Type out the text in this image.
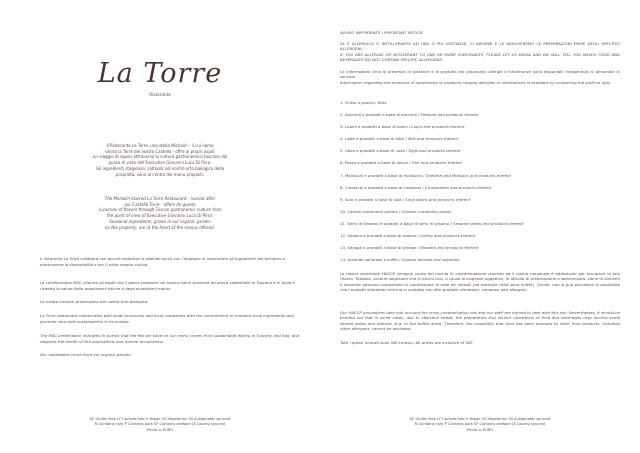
La Torre
Ristorante
Il Ristorante La Torre, una stella Michelin - il cui nome
onora la Torre del nostro Castello - offre ai propri ospiti
un viaggio di sapori attraverso la cultura gastronomica toscana dal
punto di vista dell'Executive Giovanni Luca Di Pirro.
Gli ingredienti stagionali, coltivati nel nostro orto biologico della
proprietà, sono al centro dei menu proposti.
The Michelin-starred La Torre Restaurant - named after
our Castello Torre - offers its guests
a journey of flavors through Tuscan gastronomic culture from
the point of view of Executive Giovanni Luca Di Pirro.
Seasonal ingredients, grown in our organic garden
on the property, are at the heart of the menus offered.

Il ristorante La Torre collabora con piccoli produttori e aziende locali con l'impegno di valorizzare gli ingredienti del territorio e promuovere la sostenibilità a km 0 nella propria cucina.

La certificazione MSC informa gli ospiti che il pesce presente nel nostro menù proviene da pesca sostenibile in Toscana e in Italia e rispetta la salute delle popolazioni ittiche e degli ecosistemi marini.

Le nostre verdure provengono dal nostro orto biologico.

La Torre restaurant collaborates with small producers and local companies with the commitment to enhance local ingredients and promote zero-mile sustainability in its cuisine.

The MSC certification indicates to guests that the fish we have on our menu comes from sustainable fishing in Tuscany and Italy and respects the health of fish populations and marine ecosystems.

Our vegetables come from our organic garden.

GF Gluten-free LF Lactose-free V Vegan VG Vegetarian SS Sustainably sourced
N Contains nuts P Contains pork SF Contains seafood LS Locally-sourced
Prices in EURO
AVVISO IMPORTANTE / IMPORTANT NOTICE

SE È ALLERGICO O INTOLLERANTE AD UNA O PIÙ SOSTANZE, CI INFORMI E LE INDICHEREMO LE PREPARAZIONI PRIVE DEGLI SPECIFICI ALLERGENI.

IF YOU ARE ALLERGIC OR INTOLERANT TO ONE OR MORE SUBSTANCES, PLEASE LET US KNOW AND WE WILL TELL YOU WHICH FOOD AND BEVERAGES DO NOT CONTAIN SPECIFIC ALLERGENS.

Le informazioni circa la presenza di sostanze o di prodotti che provocano allergie o intolleranze sono disponibili rivolgendosi al personale in servizio.

Information regarding the presence of substances or products causing allergies or intolerances is available by contacting the staff on duty.

1. Frutta a guscio / Nuts
2. Arachidi e prodotti a base di arachidi / Peanuts and products thereof
3. Lupini e prodotti a base di lupini / Lupin and products thereof
4. Latte e prodotti a base di latte / Milk and products thereof
5. Uova e prodotti a base di uova / Eggs and products thereof
6. Pesce e prodotti a base di pesce / Fish and products thereof
7. Molluschi e prodotti a base di molluschi / Shellfish and Molluscs and products thereof
8. Crostacei e prodotti a base di crostacei / Crustaceans and products thereof
9. Soia e prodotti a base di soia / Soya beans and products thereof
10. Cereali contenenti glutine / Cereals containing gluten
11. Semi di Sesamo e prodotti a base di semi di sesamo / Sesame seeds and products thereof
12. Sedano e prodotti a base di sedano / Celery and products thereof
13. Senape e prodotti a base di senape / Mustard and products thereof
14. Anidride solforosa e solfiti / Sulphur dioxide and sulphites

Le nostre procedure HACCP tengono conto del rischio di contaminazione crociata ed il nostro personale è addestrato per occuparsi di tale rischio. Tuttavia, occorre segnalare che in alcuni casi, a causa di esigenze oggettive, le attività di preparazione e somministra- zione di alimenti e bevande possono comportare la condivisione di aree ed utensili (ad esempio nella zona buffet). Quindi, non si può escludere la possibilità che i prodotti alimentari entrino in contatto con altri prodotti alimentari, compresi altri allergeni.

Our HACCP procedures take into account the cross-contamination risk and our staff are trained to deal with this risk. Nevertheless, it should be pointed out that in some cases, due to objective needs, the preparation and service operations of food and beverages may involve some shared areas and utensils (e.g. in the buffet area). Therefore, the possibility that food has been exposed to other food products, including other allergens, cannot be excluded.

Tutti i prezzi indicati sono IVA inclusa / All prices are inclusive of VAT.

GF Gluten-free LF Lactose-free V Vegan VG Vegetarian SS Sustainably sourced
N Contains nuts P Contains pork SF Contains seafood LS Locally-sourced
Prices in EURO
